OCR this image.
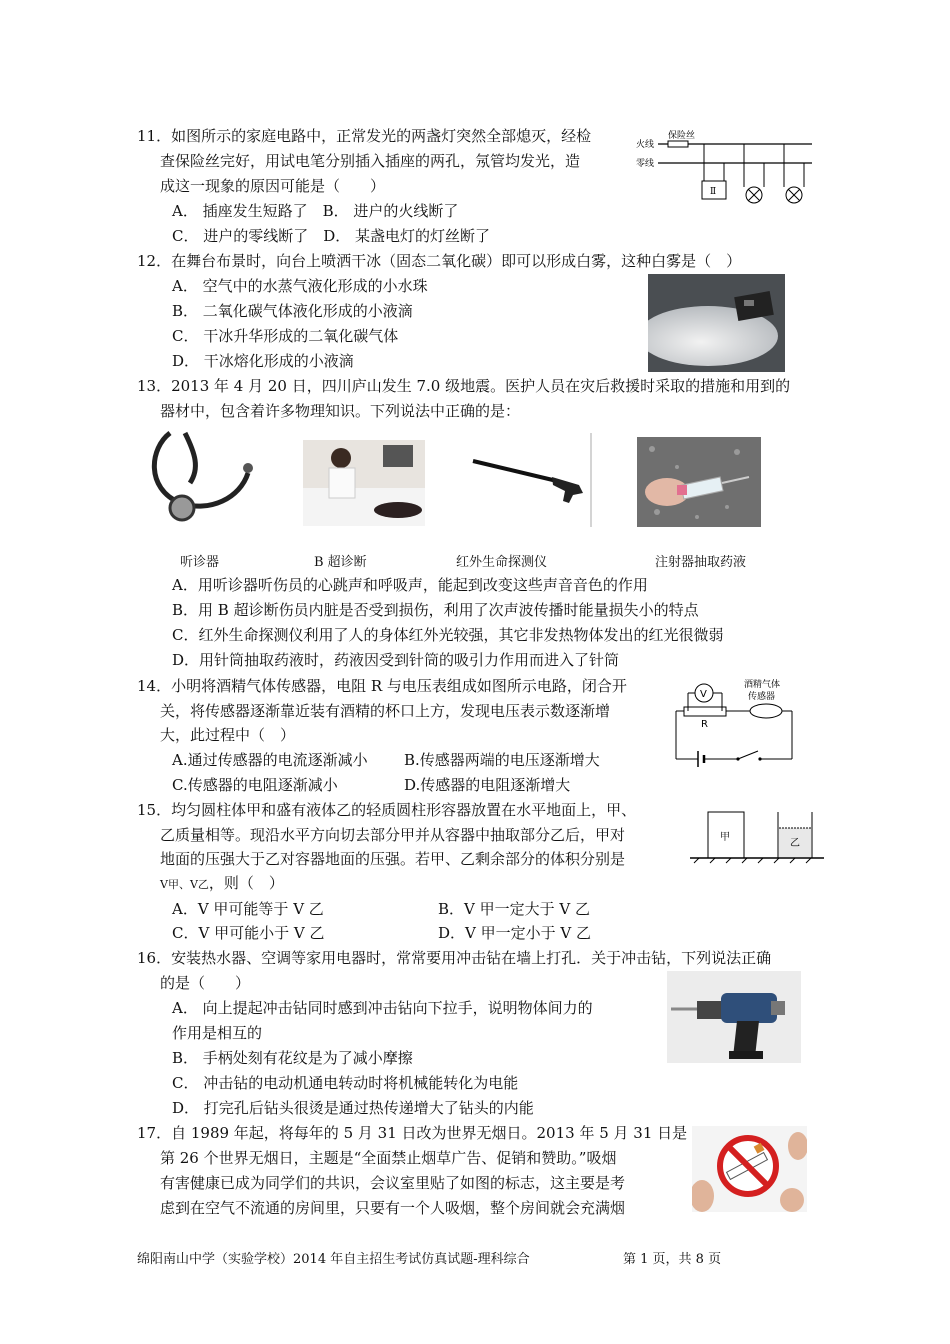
11．如图所示的家庭电路中，正常发光的两盏灯突然全部熄灭，经检
查保险丝完好，用试电笔分别插入插座的两孔，氖管均发光，造
成这一现象的原因可能是（　　）
A． 插座发生短路了　B． 进户的火线断了
C． 进户的零线断了　D． 某盏电灯的灯丝断了
保险丝
火线
零线
Ⅱ
12．在舞台布景时，向台上喷洒干冰（固态二氧化碳）即可以形成白雾，这种白雾是（　）
A． 空气中的水蒸气液化形成的小水珠
B． 二氧化碳气体液化形成的小液滴
C． 干冰升华形成的二氧化碳气体
D． 干冰熔化形成的小液滴
13．2013 年 4 月 20 日，四川庐山发生 7.0 级地震。医护人员在灾后救援时采取的措施和用到的
器材中，包含着许多物理知识。下列说法中正确的是：
听诊器	B 超诊断	红外生命探测仪	注射器抽取药液
A．用听诊器听伤员的心跳声和呼吸声，能起到改变这些声音音色的作用
B．用 B 超诊断伤员内脏是否受到损伤，利用了次声波传播时能量损失小的特点
C．红外生命探测仪利用了人的身体红外光较强，其它非发热物体发出的红光很微弱
D．用针筒抽取药液时，药液因受到针筒的吸引力作用而进入了针筒
14．小明将酒精气体传感器，电阻 R 与电压表组成如图所示电路，闭合开
关，将传感器逐渐靠近装有酒精的杯口上方，发现电压表示数逐渐增
大，此过程中（　）
A.通过传感器的电流逐渐减小 B.传感器两端的电压逐渐增大
C.传感器的电阻逐渐减小	D.传感器的电阻逐渐增大
V
R
酒精气体
传感器
15．均匀圆柱体甲和盛有液体乙的轻质圆柱形容器放置在水平地面上，甲、
乙质量相等。现沿水平方向切去部分甲并从容器中抽取部分乙后，甲对
地面的压强大于乙对容器地面的压强。若甲、乙剩余部分的体积分别是
V甲、V乙，则（　）
A．V 甲可能等于 V 乙	B．V 甲一定大于 V 乙
C．V 甲可能小于 V 乙	D．V 甲一定小于 V 乙
甲
乙
16．安装热水器、空调等家用电器时，常常要用冲击钻在墙上打孔．关于冲击钻，下列说法正确
的是（　　）
A． 向上提起冲击钻同时感到冲击钻向下拉手，说明物体间力的
作用是相互的
B． 手柄处刻有花纹是为了减小摩擦
C． 冲击钻的电动机通电转动时将机械能转化为电能
D． 打完孔后钻头很烫是通过热传递增大了钻头的内能
17．自 1989 年起，将每年的 5 月 31 日改为世界无烟日。2013 年 5 月 31 日是
第 26 个世界无烟日，主题是“全面禁止烟草广告、促销和赞助。”吸烟
有害健康已成为同学们的共识，会议室里贴了如图的标志，这主要是考
虑到在空气不流通的房间里，只要有一个人吸烟，整个房间就会充满烟
绵阳南山中学（实验学校）2014 年自主招生考试仿真试题-理科综合	第 1 页，共 8 页
